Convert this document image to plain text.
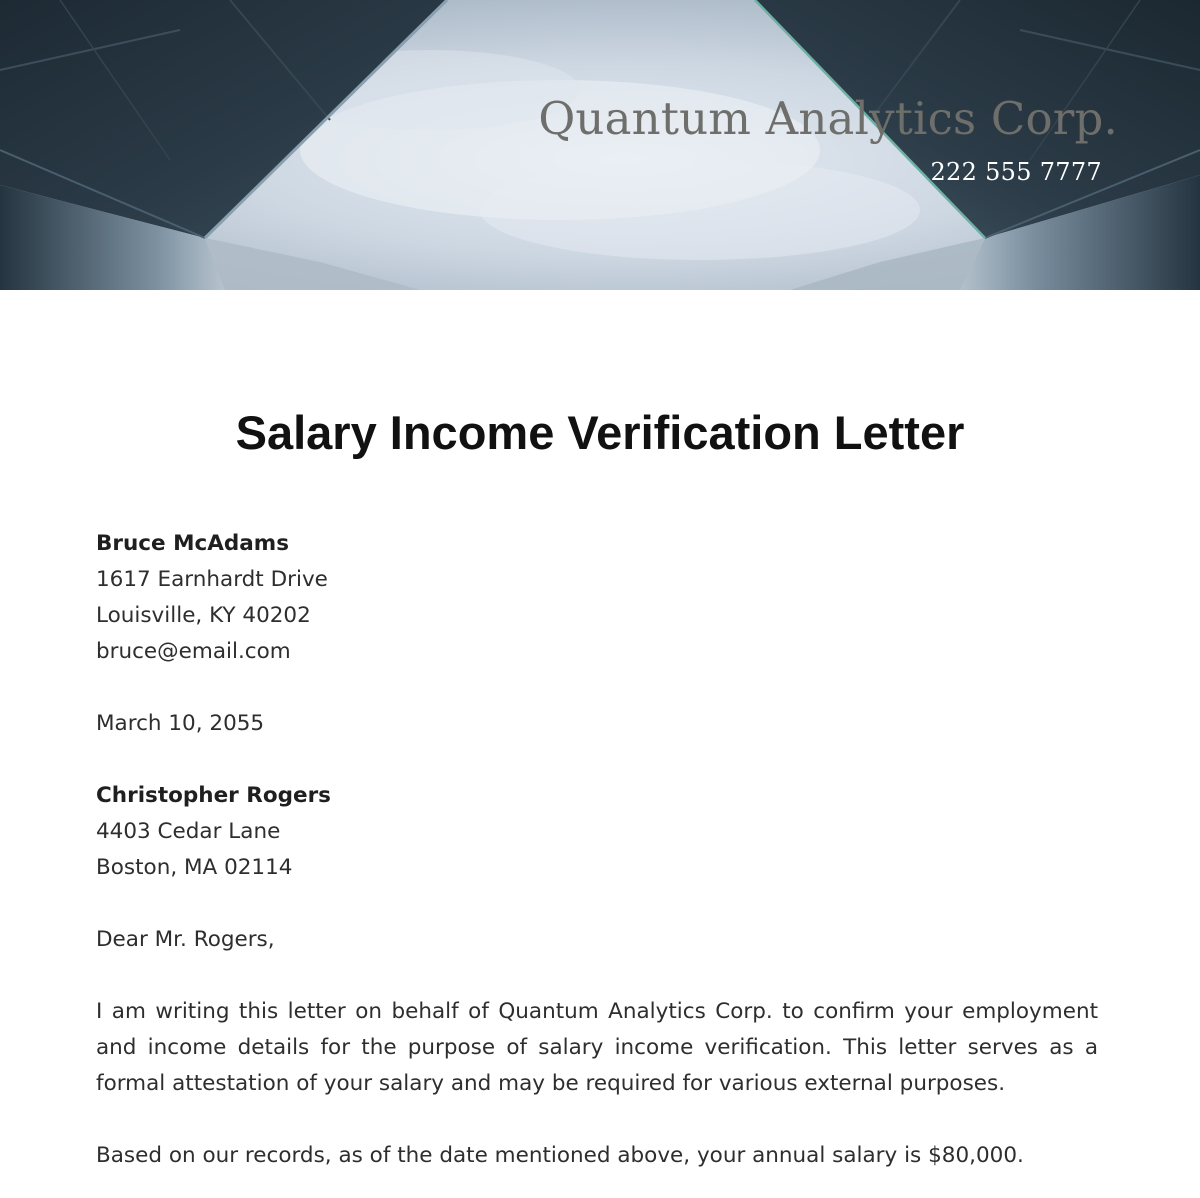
Quantum Analytics Corp.
222 555 7777
Salary Income Verification Letter
Bruce McAdams
1617 Earnhardt Drive
Louisville, KY 40202
bruce@email.com
March 10, 2055
Christopher Rogers
4403 Cedar Lane
Boston, MA 02114
Dear Mr. Rogers,
I am writing this letter on behalf of Quantum Analytics Corp. to confirm your employment and income details for the purpose of salary income verification. This letter serves as a formal attestation of your salary and may be required for various external purposes.
Based on our records, as of the date mentioned above, your annual salary is $80,000.
